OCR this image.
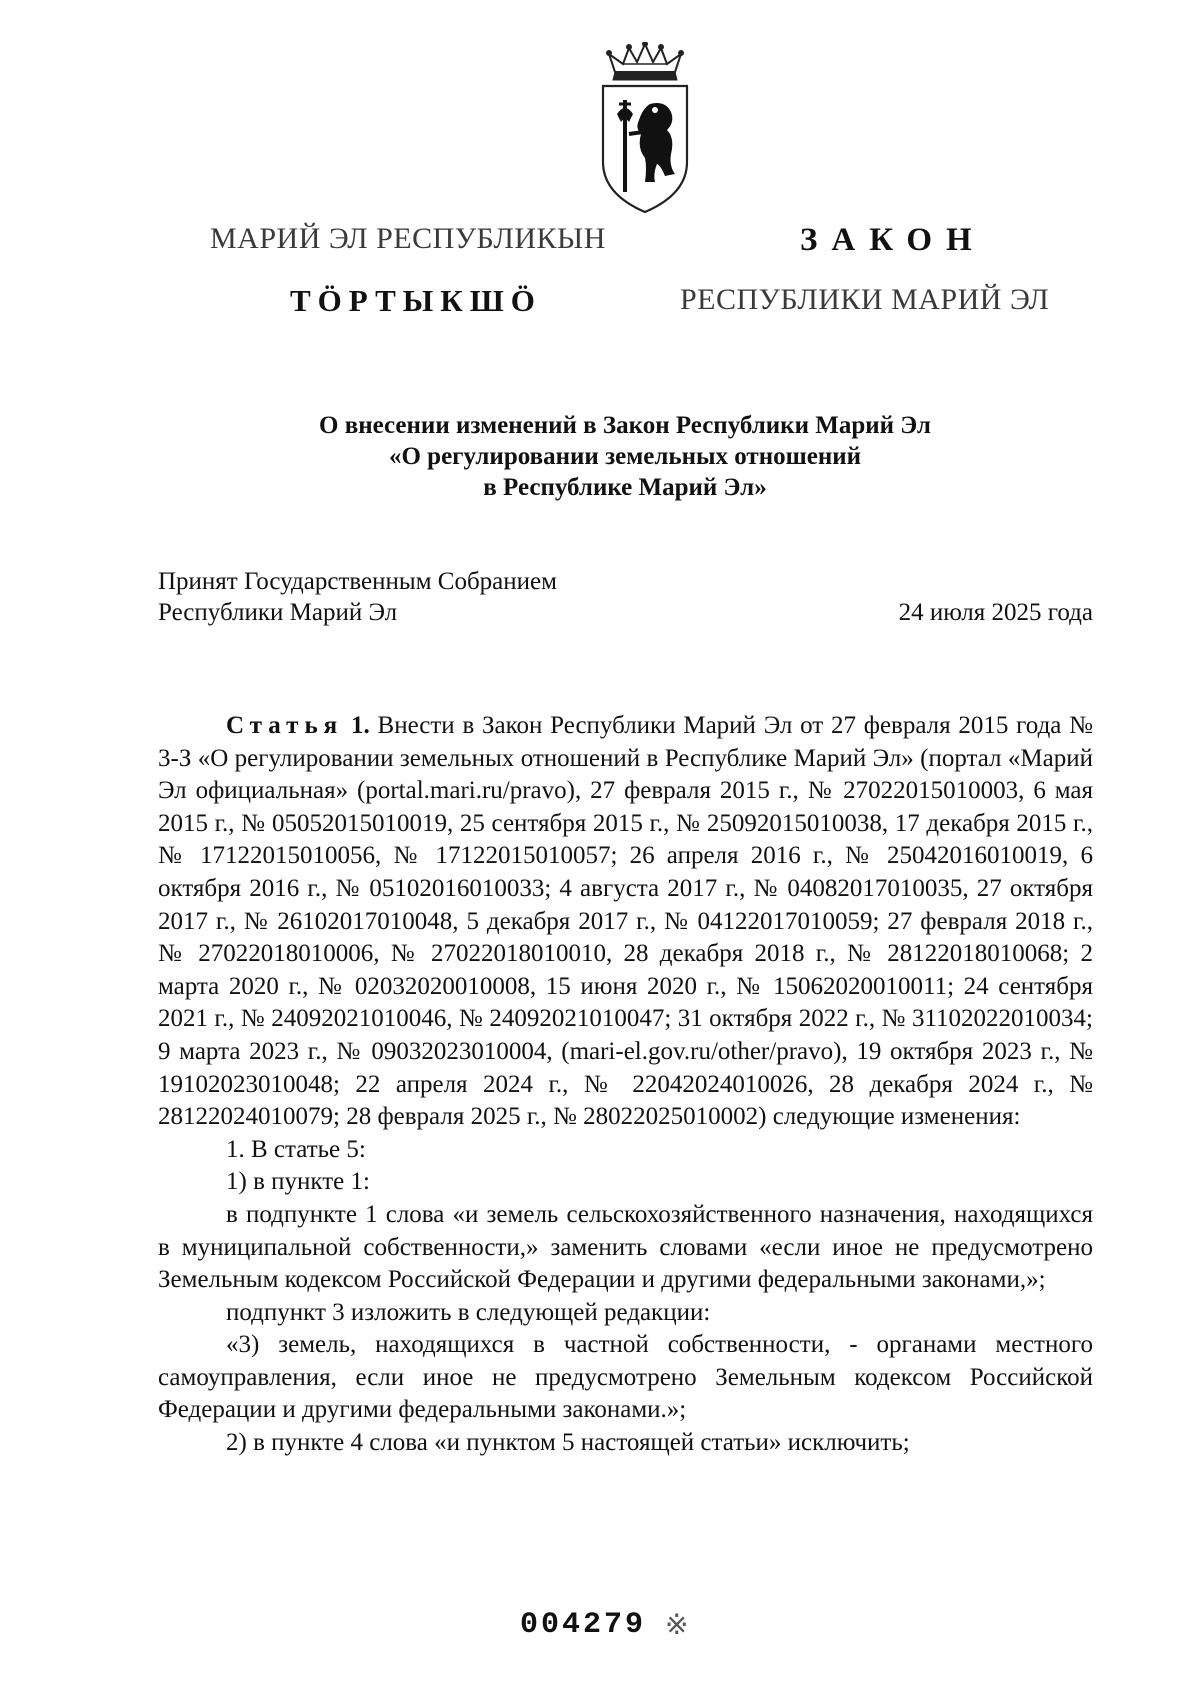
МАРИЙ ЭЛ РЕСПУБЛИКЫН
ТӦРТЫКШӦ
ЗАКОН
РЕСПУБЛИКИ МАРИЙ ЭЛ
О внесении изменений в Закон Республики Марий Эл
«О регулировании земельных отношений
в Республике Марий Эл»
Принят Государственным Собранием
Республики Марий Эл	24 июля 2025 года

Статья 1. Внести в Закон Республики Марий Эл от 27 февраля 2015 года № 3-З «О регулировании земельных отношений в Республике Марий Эл» (портал «Марий Эл официальная» (portal.mari.ru/pravo), 27 февраля 2015 г., № 27022015010003, 6 мая 2015 г., № 05052015010019, 25 сентября 2015 г., № 25092015010038, 17 декабря 2015 г., № 17122015010056, № 17122015010057; 26 апреля 2016 г., № 25042016010019, 6 октября 2016 г., № 05102016010033; 4 августа 2017 г., № 04082017010035, 27 октября 2017 г., № 26102017010048, 5 декабря 2017 г., № 04122017010059; 27 февраля 2018 г., № 27022018010006, № 27022018010010, 28 декабря 2018 г., № 28122018010068; 2 марта 2020 г., № 02032020010008, 15 июня 2020 г., № 15062020010011; 24 сентября 2021 г., № 24092021010046, № 24092021010047; 31 октября 2022 г., № 31102022010034; 9 марта 2023 г., № 09032023010004, (mari-el.gov.ru/other/pravo), 19 октября 2023 г., № 19102023010048; 22 апреля 2024 г., № 22042024010026, 28 декабря 2024 г., № 28122024010079; 28 февраля 2025 г., № 28022025010002) следующие изменения:

1. В статье 5:

1) в пункте 1:

в подпункте 1 слова «и земель сельскохозяйственного назначения, находящихся в муниципальной собственности,» заменить словами «если иное не предусмотрено Земельным кодексом Российской Федерации и другими федеральными законами,»;

подпункт 3 изложить в следующей редакции:

«3) земель, находящихся в частной собственности, - органами местного самоуправления, если иное не предусмотрено Земельным кодексом Российской Федерации и другими федеральными законами.»;

2) в пункте 4 слова «и пунктом 5 настоящей статьи» исключить;

004279 ※
